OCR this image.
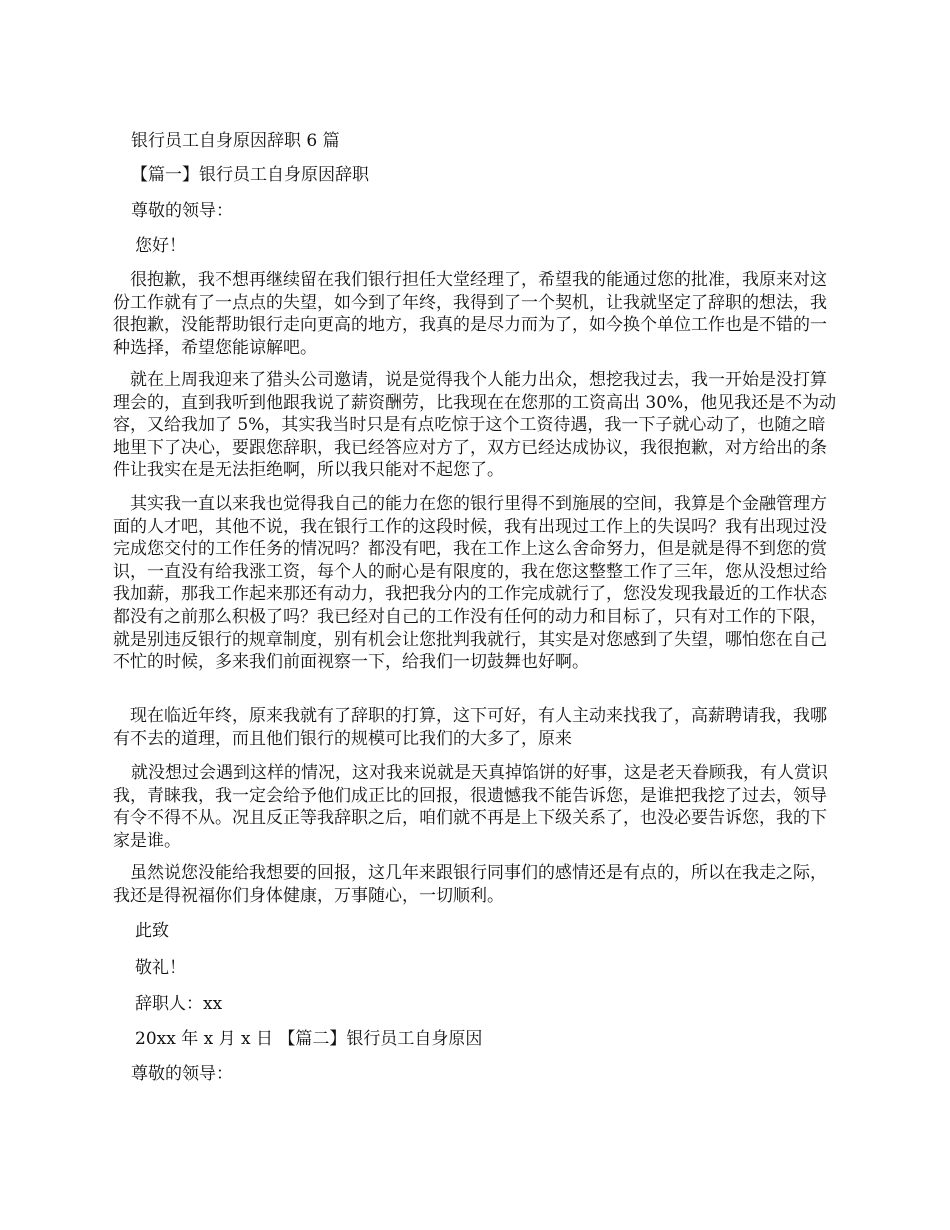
银行员工自身原因辞职 6 篇
【篇一】银行员工自身原因辞职
尊敬的领导：
您好！

　很抱歉，我不想再继续留在我们银行担任大堂经理了，希望我的能通过您的批准，我原来对这份工作就有了一点点的失望，如今到了年终，我得到了一个契机，让我就坚定了辞职的想法，我很抱歉，没能帮助银行走向更高的地方，我真的是尽力而为了，如今换个单位工作也是不错的一种选择，希望您能谅解吧。

　就在上周我迎来了猎头公司邀请，说是觉得我个人能力出众，想挖我过去，我一开始是没打算理会的，直到我听到他跟我说了薪资酬劳，比我现在在您那的工资高出 30%，他见我还是不为动容，又给我加了 5%，其实我当时只是有点吃惊于这个工资待遇，我一下子就心动了，也随之暗地里下了决心，要跟您辞职，我已经答应对方了，双方已经达成协议，我很抱歉，对方给出的条件让我实在是无法拒绝啊，所以我只能对不起您了。

　其实我一直以来我也觉得我自己的能力在您的银行里得不到施展的空间，我算是个金融管理方面的人才吧，其他不说，我在银行工作的这段时候，我有出现过工作上的失误吗？我有出现过没完成您交付的工作任务的情况吗？都没有吧，我在工作上这么舍命努力，但是就是得不到您的赏识，一直没有给我涨工资，每个人的耐心是有限度的，我在您这整整工作了三年，您从没想过给我加薪，那我工作起来那还有动力，我把我分内的工作完成就行了，您没发现我最近的工作状态都没有之前那么积极了吗？我已经对自己的工作没有任何的动力和目标了，只有对工作的下限，就是别违反银行的规章制度，别有机会让您批判我就行，其实是对您感到了失望，哪怕您在自己不忙的时候，多来我们前面视察一下，给我们一切鼓舞也好啊。

　现在临近年终，原来我就有了辞职的打算，这下可好，有人主动来找我了，高薪聘请我，我哪有不去的道理，而且他们银行的规模可比我们的大多了，原来

就没想过会遇到这样的情况，这对我来说就是天真掉馅饼的好事，这是老天眷顾我，有人赏识我，青睐我，我一定会给予他们成正比的回报，很遗憾我不能告诉您，是谁把我挖了过去，领导有令不得不从。况且反正等我辞职之后，咱们就不再是上下级关系了，也没必要告诉您，我的下家是谁。

　虽然说您没能给我想要的回报，这几年来跟银行同事们的感情还是有点的，所以在我走之际，我还是得祝福你们身体健康，万事随心，一切顺利。

此致
敬礼！
辞职人：xx
20xx 年 x 月 x 日 【篇二】银行员工自身原因
尊敬的领导：
